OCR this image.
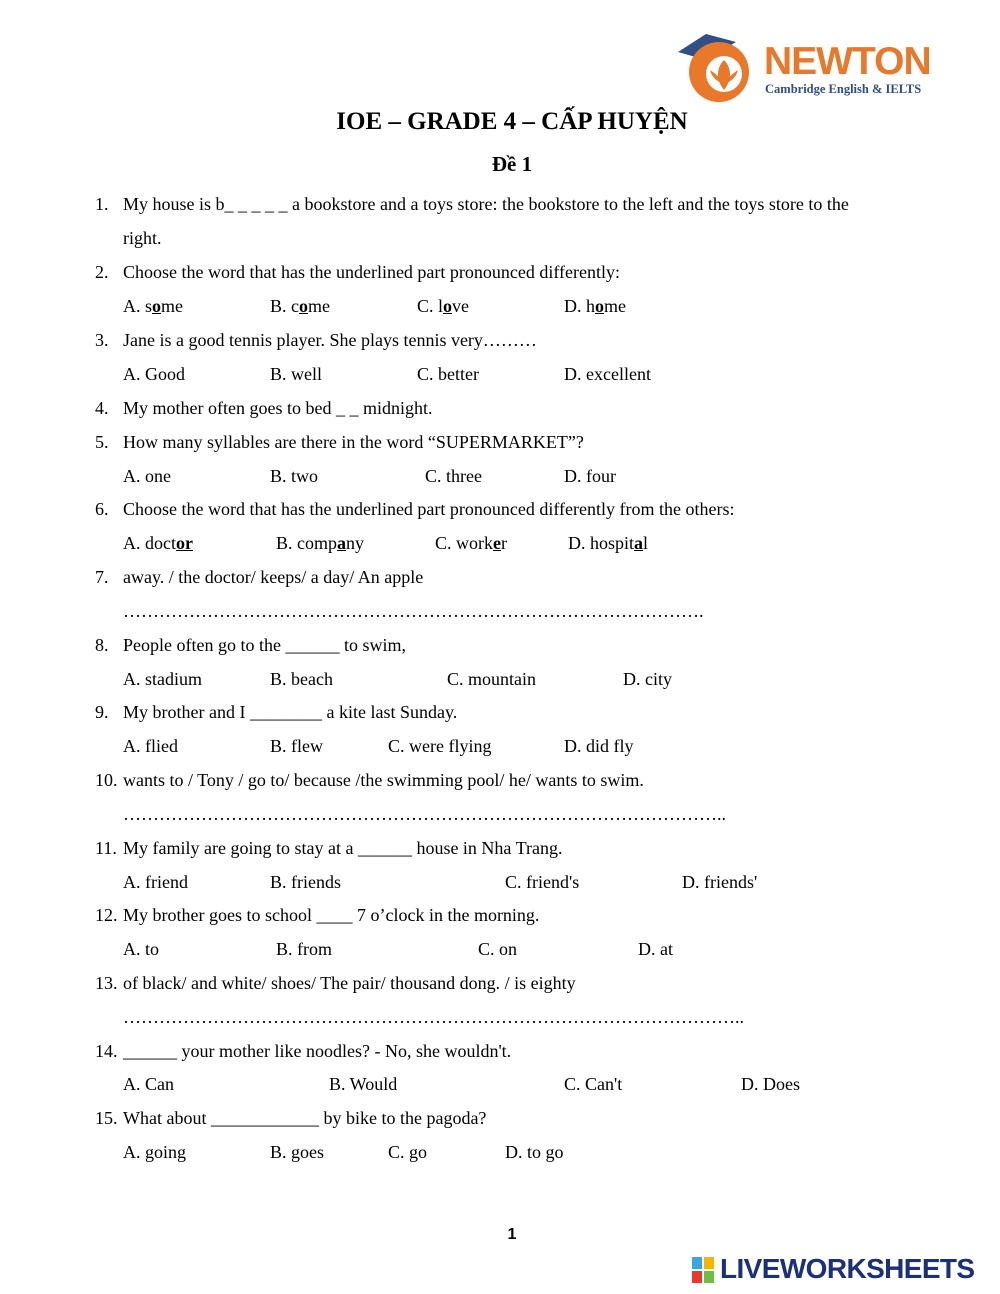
NEWTON
Cambridge English & IELTS
IOE – GRADE 4 – CẤP HUYỆN
Đề 1
1. My house is b_ _ _ _ _ a bookstore and a toys store: the bookstore to the left and the toys store to the
right.
2. Choose the word that has the underlined part pronounced differently:
A. some	B. come	C. love	D. home
3. Jane is a good tennis player. She plays tennis very………
A. Good	B. well	C. better	D. excellent
4. My mother often goes to bed _ _ midnight.
5. How many syllables are there in the word “SUPERMARKET”?
A. one	B. two	C. three	D. four
6. Choose the word that has the underlined part pronounced differently from the others:
A. doctor	B. company	C. worker	D. hospital
7. away. / the doctor/ keeps/ a day/ An apple
…………………………………………………………………………………….
8. People often go to the ______ to swim,
A. stadium	B. beach	C. mountain	D. city
9. My brother and I ________ a kite last Sunday.
A. flied	B. flew	C. were flying	D. did fly
10. wants to / Tony / go to/ because /the swimming pool/ he/ wants to swim.
………………………………………………………………………………………..
11. My family are going to stay at a ______ house in Nha Trang.
A. friend	B. friends	C. friend's	D. friends'
12. My brother goes to school ____ 7 o’clock in the morning.
A. to	B. from	C. on	D. at
13. of black/ and white/ shoes/ The pair/ thousand dong. / is eighty
…………………………………………………………………………………………..
14. ______ your mother like noodles? - No, she wouldn't.
A. Can	B. Would	C. Can't	D. Does
15. What about ____________ by bike to the pagoda?
A. going	B. goes	C. go	D. to go
1
LIVEWORKSHEETS
